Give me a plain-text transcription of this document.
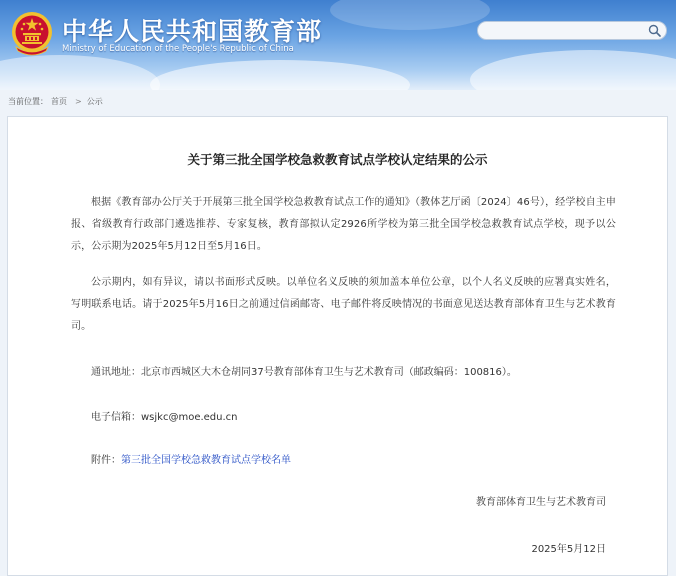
中华人民共和国教育部
Ministry of Education of the People's Republic of China
当前位置： 首页 > 公示
关于第三批全国学校急救教育试点学校认定结果的公示

根据《教育部办公厅关于开展第三批全国学校急救教育试点工作的通知》（教体艺厅函〔2024〕46号），经学校自主申报、省级教育行政部门遴选推荐、专家复核，教育部拟认定2926所学校为第三批全国学校急救教育试点学校，现予以公示，公示期为2025年5月12日至5月16日。

公示期内，如有异议，请以书面形式反映。以单位名义反映的须加盖本单位公章，以个人名义反映的应署真实姓名，写明联系电话。请于2025年5月16日之前通过信函邮寄、电子邮件将反映情况的书面意见送达教育部体育卫生与艺术教育司。

通讯地址：北京市西城区大木仓胡同37号教育部体育卫生与艺术教育司（邮政编码：100816）。
电子信箱：wsjkc@moe.edu.cn
附件：第三批全国学校急救教育试点学校名单
教育部体育卫生与艺术教育司
2025年5月12日
